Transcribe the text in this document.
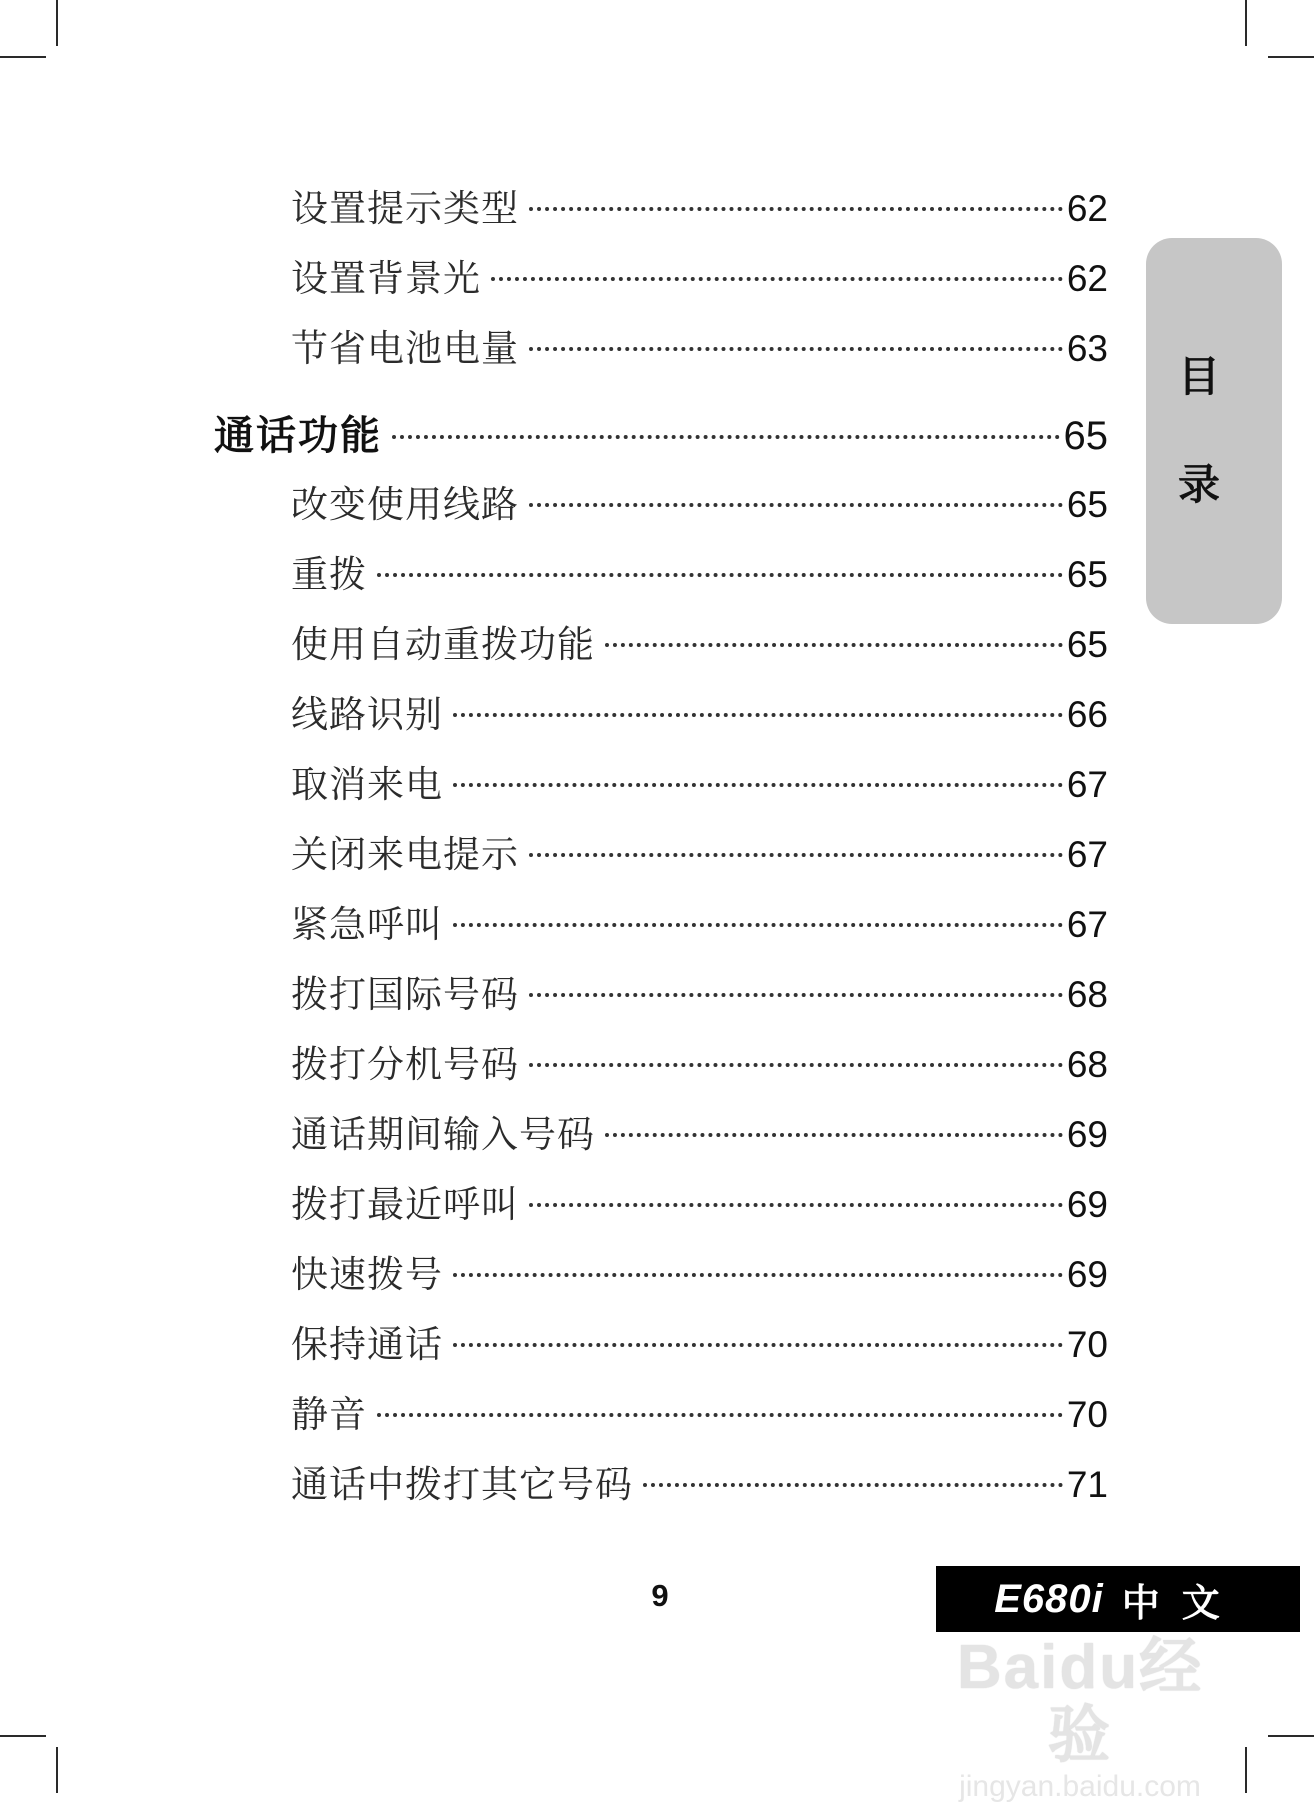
设置提示类型	62
设置背景光	62
节省电池电量	63
通话功能	65
改变使用线路	65
重拨	65
使用自动重拨功能	65
线路识别	66
取消来电	67
关闭来电提示	67
紧急呼叫	67
拨打国际号码	68
拨打分机号码	68
通话期间输入号码	69
拨打最近呼叫	69
快速拨号	69
保持通话	70
静音	70
通话中拨打其它号码	71
目
录
9	E680i 中文
Baidu经验
jingyan.baidu.com
